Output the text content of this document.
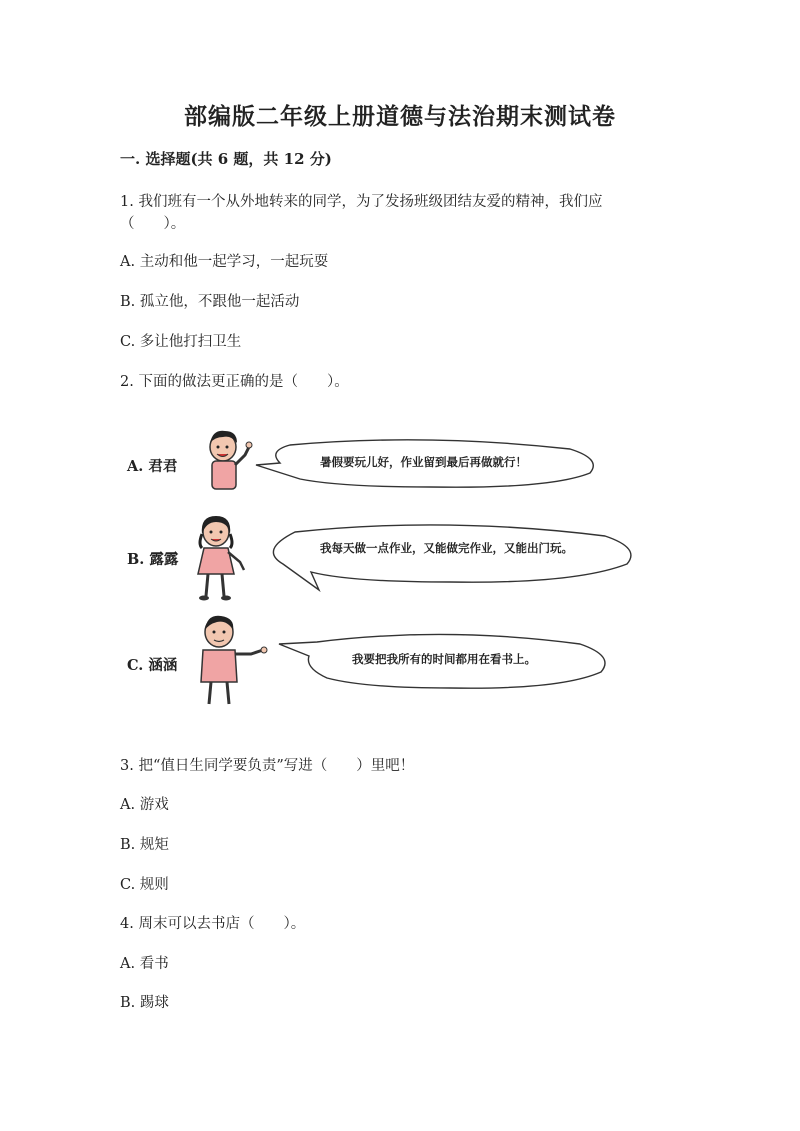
部编版二年级上册道德与法治期末测试卷
一. 选择题(共 6 题，共 12 分)
1. 我们班有一个从外地转来的同学，为了发扬班级团结友爱的精神，我们应
（　　）。
A. 主动和他一起学习，一起玩耍
B. 孤立他，不跟他一起活动
C. 多让他打扫卫生
2. 下面的做法更正确的是（　　）。
A. 君君	暑假要玩儿好，作业留到最后再做就行！
B. 露露
我每天做一点作业，又能做完作业，又能出门玩。
C. 涵涵	我要把我所有的时间都用在看书上。
3. 把“值日生同学要负责”写进（　　）里吧！
A. 游戏
B. 规矩
C. 规则
4. 周末可以去书店（　　）。
A. 看书
B. 踢球
